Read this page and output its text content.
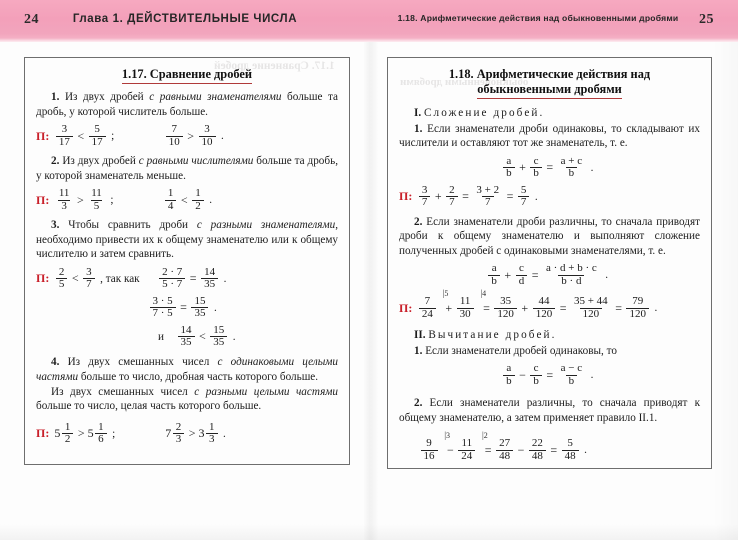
24	Глава 1. ДЕЙСТВИТЕЛЬНЫЕ ЧИСЛА	1.18. Арифметические действия над обыкновенными дробями	25
1.17. Сравнение дробей
обыкновенными дробями
1.17. Сравнение дробей

1. Из двух дробей с равными знаменателями больше та дробь, у которой числитель больше.

П: 3
17 < 5
17 ;
7
10 > 3
10 .

2. Из двух дробей с равными числителями больше та дробь, у которой знаменатель меньше.

П: 11
3 > 11
5 ;
1
4 < 1
2 .

3. Чтобы сравнить дроби с разными знаменателями, необходимо привести их к общему знаменателю или к общему числителю и затем сравнить.

П: 2
5 < 3
7 , так как $\frac{2 \cdot 7}{5 \cdot 7} = \frac{14}{35}$ .
$\frac{3 \cdot 5}{7 \cdot 5} = \frac{15}{35}$ .
и
14
35 < 15
35 .

4. Из двух смешанных чисел с одинаковыми целыми частями больше то число, дробная часть которого больше.

Из двух смешанных чисел с разными целыми частями больше то число, целая часть которого больше.

П: 5 1
2 > 5 1
6 ;	7 2
3 > 3 1
3 .
1.18. Арифметические действия над
обыкновенными дробями

I. Сложение дробей.

1. Если знаменатели дроби одинаковы, то складывают их числители и оставляют тот же знаменатель, т. е.

a
$b + \frac{c}{b} = \frac{a + c}{b}$ .
П: 3
$7 + \frac{2}{7} = \frac{3 + 2}{7} = \frac{5}{7}$ .

2. Если знаменатели дроби различны, то сначала приводят дроби к общему знаменателю и выполняют сложение полученных дробей с одинаковыми знаменателями, т. е.

a
$b + \frac{c}{d} = \frac{a \cdot d + b \cdot c}{b \cdot d}$ .
П: 7
24
|5
+ 11
30
|4
= $\frac{35}{120} + \frac{44}{120} = \frac{35 + 44}{120} = \frac{79}{120}$ .

II. Вычитание дробей.

1. Если знаменатели дробей одинаковы, то

a
$b - \frac{c}{b} = \frac{a - c}{b}$ .

2. Если знаменатели различны, то сначала приводят к общему знаменателю, а затем применяет правило II.1.

9
16
|3
− 11
24
|2
= $\frac{27}{48} - \frac{22}{48} = \frac{5}{48}$ .
